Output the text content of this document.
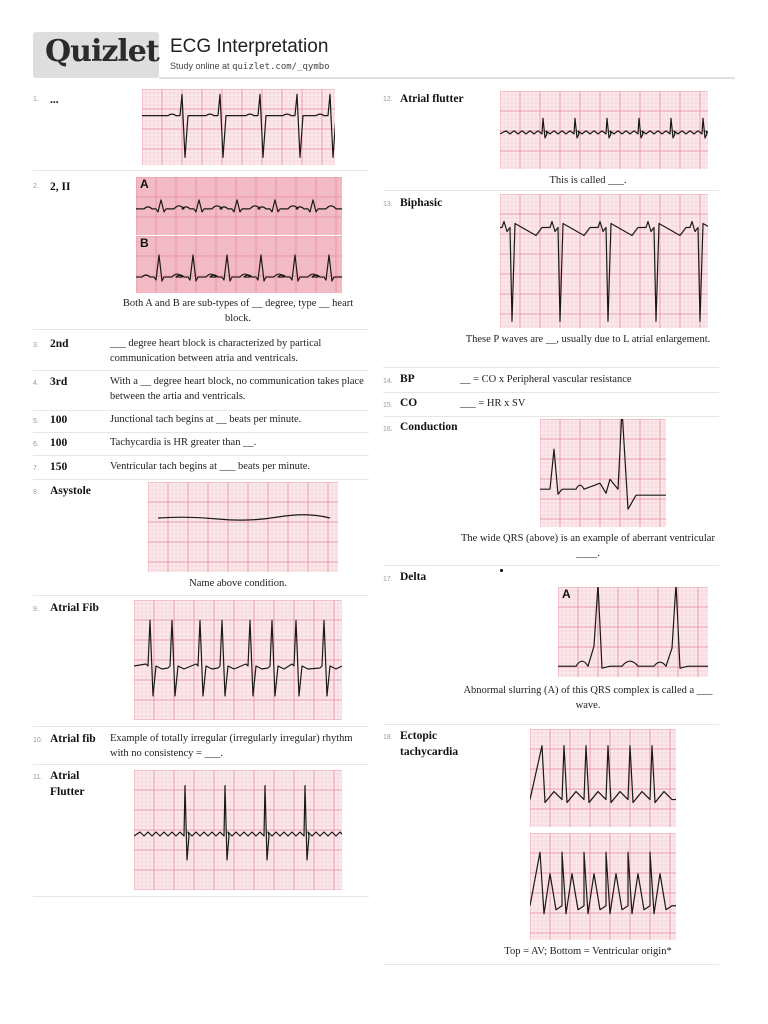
Quizlet ECG Interpretation
Study online at quizlet.com/_qymbo
1. ...
2. 2, II	A
B
Both A and B are sub-types of __ degree, type __ heart block.
3. 2nd	___ degree heart block is characterized by partical communication between atria and ventricals.
4. 3rd	With a __ degree heart block, no communication takes place between the artia and ventricals.
5. 100	Junctional tach begins at __ beats per minute.
6. 100	Tachycardia is HR greater than __.
7. 150	Ventricular tach begins at ___ beats per minute.
8. Asystole
Name above condition.
9. Atrial Fib
10. Atrial fib	Example of totally irregular (irregularly irregular) rhythm with no consistency = ___.
11. Atrial Flutter
12. Atrial flutter
This is called ___.
13. Biphasic
These P waves are __, usually due to L atrial enlargement.
14. BP	__ = CO x Peripheral vascular resistance
15. CO	___ = HR x SV
16. Conduction
The wide QRS (above) is an example of aberrant ventricular ____.
17. Delta
A
Abnormal slurring (A) of this QRS complex is called a ___ wave.
18. Ectopic tachycardia
Top = AV; Bottom = Ventricular origin*
